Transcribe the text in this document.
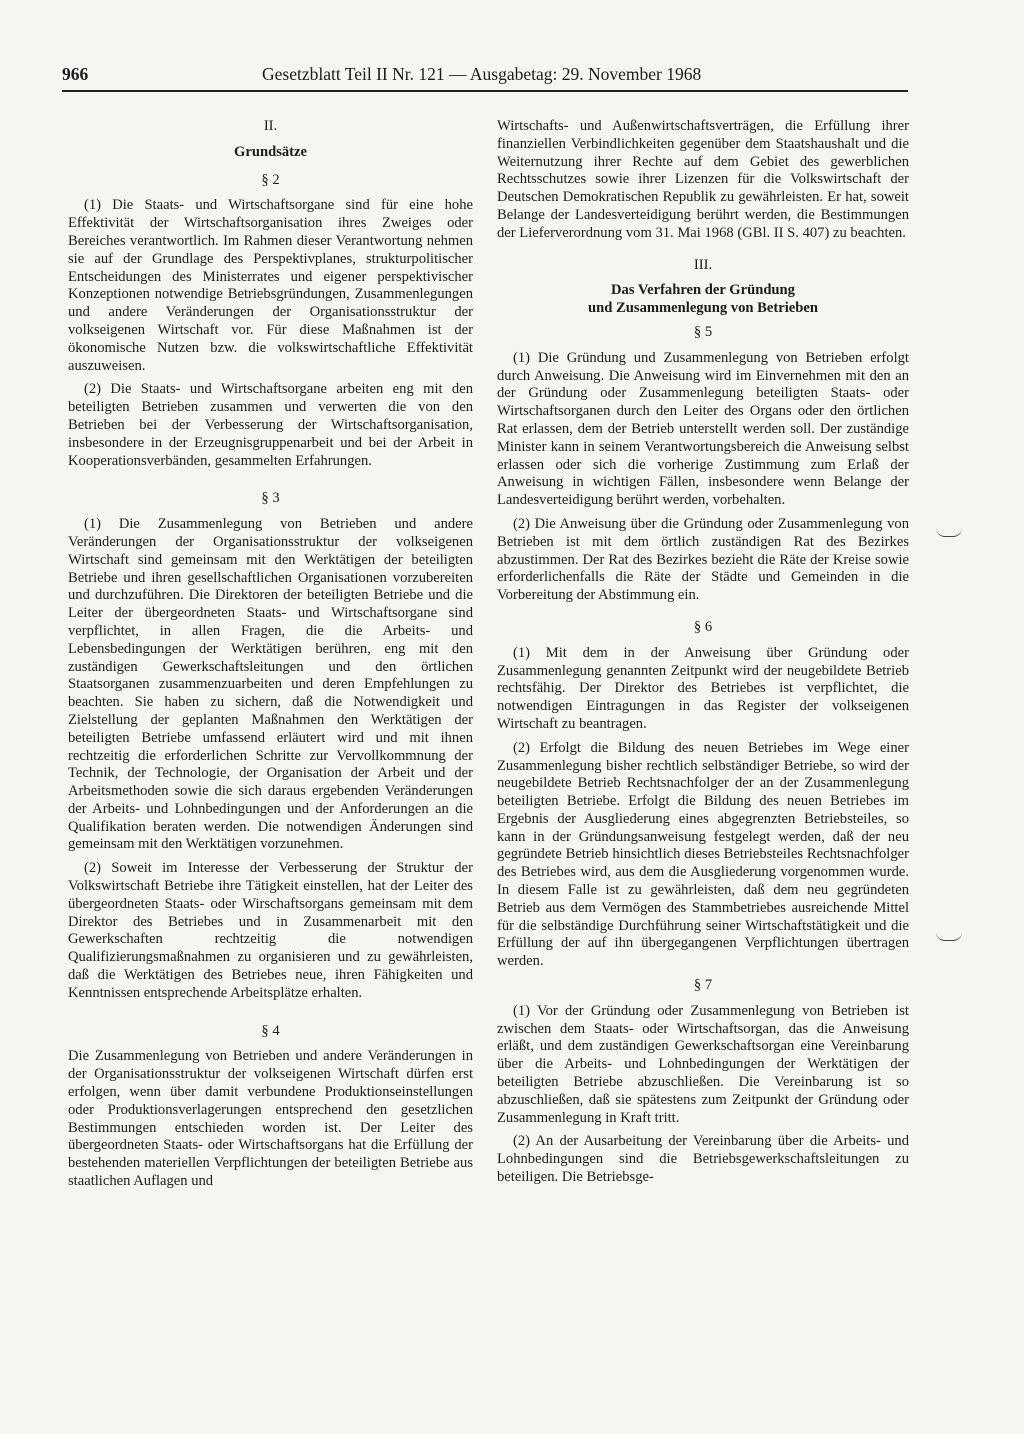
966	Gesetzblatt Teil II Nr. 121 — Ausgabetag: 29. November 1968
II.
Grundsätze
§ 2

(1) Die Staats- und Wirtschaftsorgane sind für eine hohe Effektivität der Wirtschaftsorganisation ihres Zweiges oder Bereiches verantwortlich. Im Rahmen dieser Verantwortung nehmen sie auf der Grundlage des Perspektivplanes, strukturpolitischer Entscheidungen des Ministerrates und eigener perspektivischer Konzeptionen notwendige Betriebsgründungen, Zusammenlegungen und andere Veränderungen der Organisationsstruktur der volkseigenen Wirtschaft vor. Für diese Maßnahmen ist der ökonomische Nutzen bzw. die volkswirtschaftliche Effektivität auszuweisen.

(2) Die Staats- und Wirtschaftsorgane arbeiten eng mit den beteiligten Betrieben zusammen und verwerten die von den Betrieben bei der Verbesserung der Wirtschaftsorganisation, insbesondere in der Erzeugnisgruppenarbeit und bei der Arbeit in Kooperationsverbänden, gesammelten Erfahrungen.

§ 3

(1) Die Zusammenlegung von Betrieben und andere Veränderungen der Organisationsstruktur der volkseigenen Wirtschaft sind gemeinsam mit den Werktätigen der beteiligten Betriebe und ihren gesellschaftlichen Organisationen vorzubereiten und durchzuführen. Die Direktoren der beteiligten Betriebe und die Leiter der übergeordneten Staats- und Wirtschaftsorgane sind verpflichtet, in allen Fragen, die die Arbeits- und Lebensbedingungen der Werktätigen berühren, eng mit den zuständigen Gewerkschaftsleitungen und den örtlichen Staatsorganen zusammenzuarbeiten und deren Empfehlungen zu beachten. Sie haben zu sichern, daß die Notwendigkeit und Zielstellung der geplanten Maßnahmen den Werktätigen der beteiligten Betriebe umfassend erläutert wird und mit ihnen rechtzeitig die erforderlichen Schritte zur Vervollkommnung der Technik, der Technologie, der Organisation der Arbeit und der Arbeitsmethoden sowie die sich daraus ergebenden Veränderungen der Arbeits- und Lohnbedingungen und der Anforderungen an die Qualifikation beraten werden. Die notwendigen Änderungen sind gemeinsam mit den Werktätigen vorzunehmen.

(2) Soweit im Interesse der Verbesserung der Struktur der Volkswirtschaft Betriebe ihre Tätigkeit einstellen, hat der Leiter des übergeordneten Staats- oder Wirschaftsorgans gemeinsam mit dem Direktor des Betriebes und in Zusammenarbeit mit den Gewerkschaften rechtzeitig die notwendigen Qualifizierungsmaßnahmen zu organisieren und zu gewährleisten, daß die Werktätigen des Betriebes neue, ihren Fähigkeiten und Kenntnissen entsprechende Arbeitsplätze erhalten.

§ 4

Die Zusammenlegung von Betrieben und andere Veränderungen in der Organisationsstruktur der volkseigenen Wirtschaft dürfen erst erfolgen, wenn über damit verbundene Produktionseinstellungen oder Produktionsverlagerungen entsprechend den gesetzlichen Bestimmungen entschieden worden ist. Der Leiter des übergeordneten Staats- oder Wirtschaftsorgans hat die Erfüllung der bestehenden materiellen Verpflichtungen der beteiligten Betriebe aus staatlichen Auflagen und

Wirtschafts- und Außenwirtschaftsverträgen, die Erfüllung ihrer finanziellen Verbindlichkeiten gegenüber dem Staatshaushalt und die Weiternutzung ihrer Rechte auf dem Gebiet des gewerblichen Rechtsschutzes sowie ihrer Lizenzen für die Volkswirtschaft der Deutschen Demokratischen Republik zu gewährleisten. Er hat, soweit Belange der Landesverteidigung berührt werden, die Bestimmungen der Lieferverordnung vom 31. Mai 1968 (GBl. II S. 407) zu beachten.

III.
Das Verfahren der Gründung
und Zusammenlegung von Betrieben
§ 5

(1) Die Gründung und Zusammenlegung von Betrieben erfolgt durch Anweisung. Die Anweisung wird im Einvernehmen mit den an der Gründung oder Zusammenlegung beteiligten Staats- oder Wirtschaftsorganen durch den Leiter des Organs oder den örtlichen Rat erlassen, dem der Betrieb unterstellt werden soll. Der zuständige Minister kann in seinem Verantwortungsbereich die Anweisung selbst erlassen oder sich die vorherige Zustimmung zum Erlaß der Anweisung in wichtigen Fällen, insbesondere wenn Belange der Landesverteidigung berührt werden, vorbehalten.

(2) Die Anweisung über die Gründung oder Zusammenlegung von Betrieben ist mit dem örtlich zuständigen Rat des Bezirkes abzustimmen. Der Rat des Bezirkes bezieht die Räte der Kreise sowie erforderlichenfalls die Räte der Städte und Gemeinden in die Vorbereitung der Abstimmung ein.

§ 6

(1) Mit dem in der Anweisung über Gründung oder Zusammenlegung genannten Zeitpunkt wird der neugebildete Betrieb rechtsfähig. Der Direktor des Betriebes ist verpflichtet, die notwendigen Eintragungen in das Register der volkseigenen Wirtschaft zu beantragen.

(2) Erfolgt die Bildung des neuen Betriebes im Wege einer Zusammenlegung bisher rechtlich selbständiger Betriebe, so wird der neugebildete Betrieb Rechtsnachfolger der an der Zusammenlegung beteiligten Betriebe. Erfolgt die Bildung des neuen Betriebes im Ergebnis der Ausgliederung eines abgegrenzten Betriebsteiles, so kann in der Gründungsanweisung festgelegt werden, daß der neu gegründete Betrieb hinsichtlich dieses Betriebsteiles Rechtsnachfolger des Betriebes wird, aus dem die Ausgliederung vorgenommen wurde. In diesem Falle ist zu gewährleisten, daß dem neu gegründeten Betrieb aus dem Vermögen des Stammbetriebes ausreichende Mittel für die selbständige Durchführung seiner Wirtschaftstätigkeit und die Erfüllung der auf ihn übergegangenen Verpflichtungen übertragen werden.

§ 7

(1) Vor der Gründung oder Zusammenlegung von Betrieben ist zwischen dem Staats- oder Wirtschaftsorgan, das die Anweisung erläßt, und dem zuständigen Gewerkschaftsorgan eine Vereinbarung über die Arbeits- und Lohnbedingungen der Werktätigen der beteiligten Betriebe abzuschließen. Die Vereinbarung ist so abzuschließen, daß sie spätestens zum Zeitpunkt der Gründung oder Zusammenlegung in Kraft tritt.

(2) An der Ausarbeitung der Vereinbarung über die Arbeits- und Lohnbedingungen sind die Betriebsgewerkschaftsleitungen zu beteiligen. Die Betriebsge-
